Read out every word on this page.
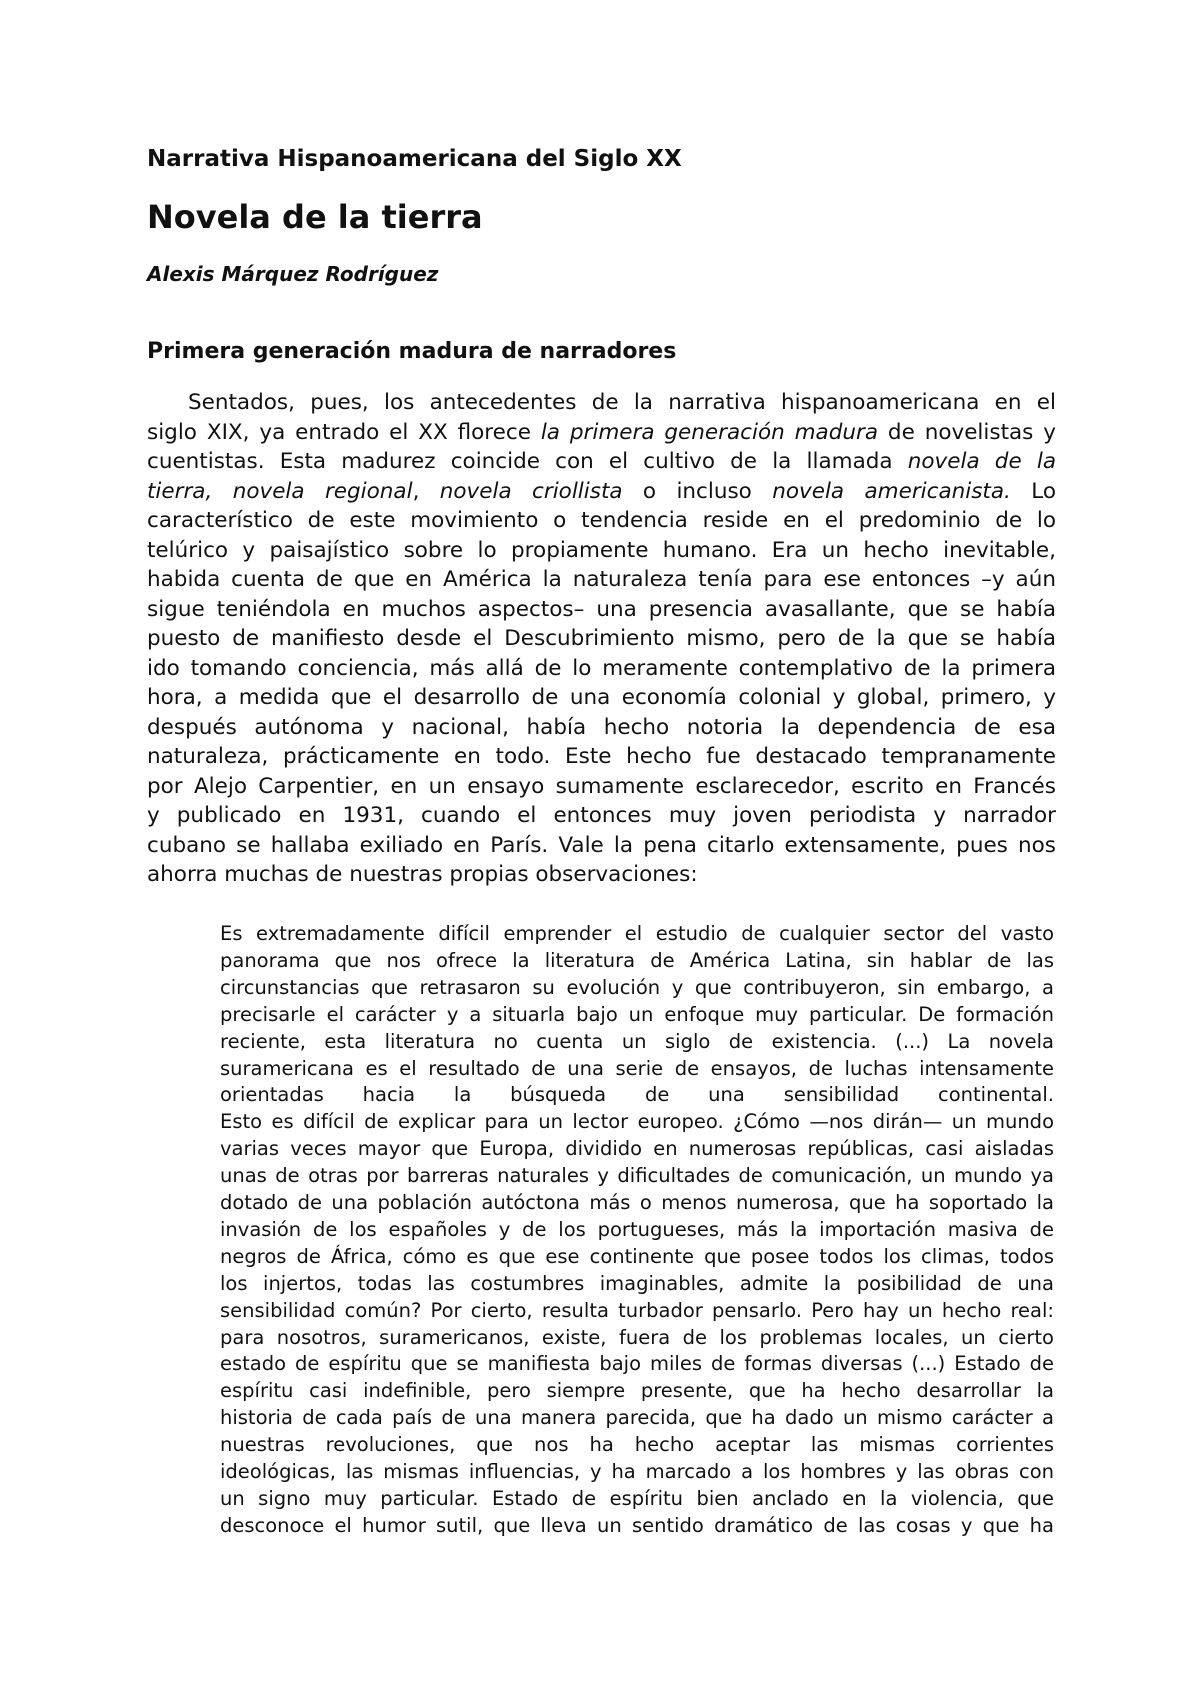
Narrativa Hispanoamericana del Siglo XX
Novela de la tierra
Alexis Márquez Rodríguez
Primera generación madura de narradores
Sentados, pues, los antecedentes de la narrativa hispanoamericana en el
siglo XIX, ya entrado el XX florece la primera generación madura de novelistas y
cuentistas. Esta madurez coincide con el cultivo de la llamada novela de la
tierra, novela regional, novela criollista o incluso novela americanista. Lo
característico de este movimiento o tendencia reside en el predominio de lo
telúrico y paisajístico sobre lo propiamente humano. Era un hecho inevitable,
habida cuenta de que en América la naturaleza tenía para ese entonces –y aún
sigue teniéndola en muchos aspectos– una presencia avasallante, que se había
puesto de manifiesto desde el Descubrimiento mismo, pero de la que se había
ido tomando conciencia, más allá de lo meramente contemplativo de la primera
hora, a medida que el desarrollo de una economía colonial y global, primero, y
después autónoma y nacional, había hecho notoria la dependencia de esa
naturaleza, prácticamente en todo. Este hecho fue destacado tempranamente
por Alejo Carpentier, en un ensayo sumamente esclarecedor, escrito en Francés
y publicado en 1931, cuando el entonces muy joven periodista y narrador
cubano se hallaba exiliado en París. Vale la pena citarlo extensamente, pues nos
ahorra muchas de nuestras propias observaciones:
Es extremadamente difícil emprender el estudio de cualquier sector del vasto
panorama que nos ofrece la literatura de América Latina, sin hablar de las
circunstancias que retrasaron su evolución y que contribuyeron, sin embargo, a
precisarle el carácter y a situarla bajo un enfoque muy particular. De formación
reciente, esta literatura no cuenta un siglo de existencia. (...) La novela
suramericana es el resultado de una serie de ensayos, de luchas intensamente
orientadas hacia la búsqueda de una sensibilidad continental.
Esto es difícil de explicar para un lector europeo. ¿Cómo —nos dirán— un mundo
varias veces mayor que Europa, dividido en numerosas repúblicas, casi aisladas
unas de otras por barreras naturales y dificultades de comunicación, un mundo ya
dotado de una población autóctona más o menos numerosa, que ha soportado la
invasión de los españoles y de los portugueses, más la importación masiva de
negros de África, cómo es que ese continente que posee todos los climas, todos
los injertos, todas las costumbres imaginables, admite la posibilidad de una
sensibilidad común? Por cierto, resulta turbador pensarlo. Pero hay un hecho real:
para nosotros, suramericanos, existe, fuera de los problemas locales, un cierto
estado de espíritu que se manifiesta bajo miles de formas diversas (...) Estado de
espíritu casi indefinible, pero siempre presente, que ha hecho desarrollar la
historia de cada país de una manera parecida, que ha dado un mismo carácter a
nuestras revoluciones, que nos ha hecho aceptar las mismas corrientes
ideológicas, las mismas influencias, y ha marcado a los hombres y las obras con
un signo muy particular. Estado de espíritu bien anclado en la violencia, que
desconoce el humor sutil, que lleva un sentido dramático de las cosas y que ha
